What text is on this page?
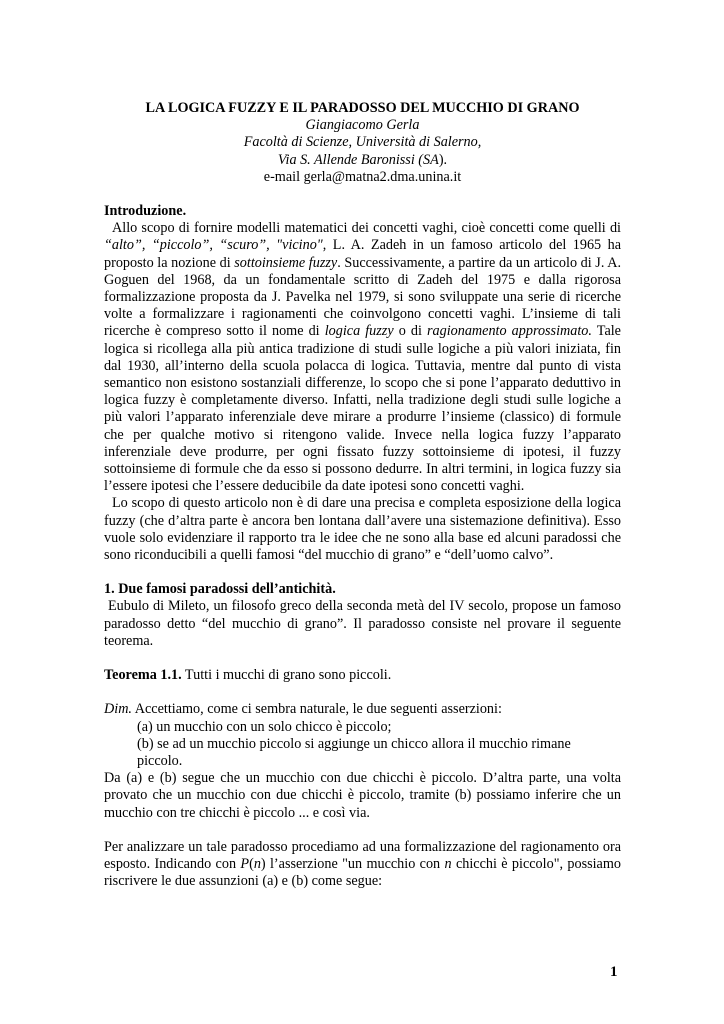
LA LOGICA FUZZY E IL PARADOSSO DEL MUCCHIO DI GRANO
Giangiacomo Gerla
Facoltà di Scienze, Università di Salerno,
Via S. Allende Baronissi (SA).
e-mail gerla@matna2.dma.unina.it
Introduzione.

Allo scopo di fornire modelli matematici dei concetti vaghi, cioè concetti come quelli di “alto”, “piccolo”, “scuro”, "vicino", L. A. Zadeh in un famoso articolo del 1965 ha proposto la nozione di sottoinsieme fuzzy. Successivamente, a partire da un articolo di J. A. Goguen del 1968, da un fondamentale scritto di Zadeh del 1975 e dalla rigorosa formalizzazione proposta da J. Pavelka nel 1979, si sono sviluppate una serie di ricerche volte a formalizzare i ragionamenti che coinvolgono concetti vaghi. L’insieme di tali ricerche è compreso sotto il nome di logica fuzzy o di ragionamento approssimato. Tale logica si ricollega alla più antica tradizione di studi sulle logiche a più valori iniziata, fin dal 1930, all’interno della scuola polacca di logica. Tuttavia, mentre dal punto di vista semantico non esistono sostanziali differenze, lo scopo che si pone l’apparato deduttivo in logica fuzzy è completamente diverso. Infatti, nella tradizione degli studi sulle logiche a più valori l’apparato inferenziale deve mirare a produrre l’insieme (classico) di formule che per qualche motivo si ritengono valide. Invece nella logica fuzzy l’apparato inferenziale deve produrre, per ogni fissato fuzzy sottoinsieme di ipotesi, il fuzzy sottoinsieme di formule che da esso si possono dedurre. In altri termini, in logica fuzzy sia l’essere ipotesi che l’essere deducibile da date ipotesi sono concetti vaghi.

Lo scopo di questo articolo non è di dare una precisa e completa esposizione della logica fuzzy (che d’altra parte è ancora ben lontana dall’avere una sistemazione definitiva). Esso vuole solo evidenziare il rapporto tra le idee che ne sono alla base ed alcuni paradossi che sono riconducibili a quelli famosi “del mucchio di grano” e “dell’uomo calvo”.

1. Due famosi paradossi dell’antichità.

Eubulo di Mileto, un filosofo greco della seconda metà del IV secolo, propose un famoso paradosso detto “del mucchio di grano”. Il paradosso consiste nel provare il seguente teorema.

Teorema 1.1. Tutti i mucchi di grano sono piccoli.

Dim. Accettiamo, come ci sembra naturale, le due seguenti asserzioni:

(a) un mucchio con un solo chicco è piccolo;

(b) se ad un mucchio piccolo si aggiunge un chicco allora il mucchio rimane piccolo.

Da (a) e (b) segue che un mucchio con due chicchi è piccolo. D’altra parte, una volta provato che un mucchio con due chicchi è piccolo, tramite (b) possiamo inferire che un mucchio con tre chicchi è piccolo ... e così via.

Per analizzare un tale paradosso procediamo ad una formalizzazione del ragionamento ora esposto. Indicando con P(n) l’asserzione "un mucchio con n chicchi è piccolo", possiamo riscrivere le due assunzioni (a) e (b) come segue:

1
